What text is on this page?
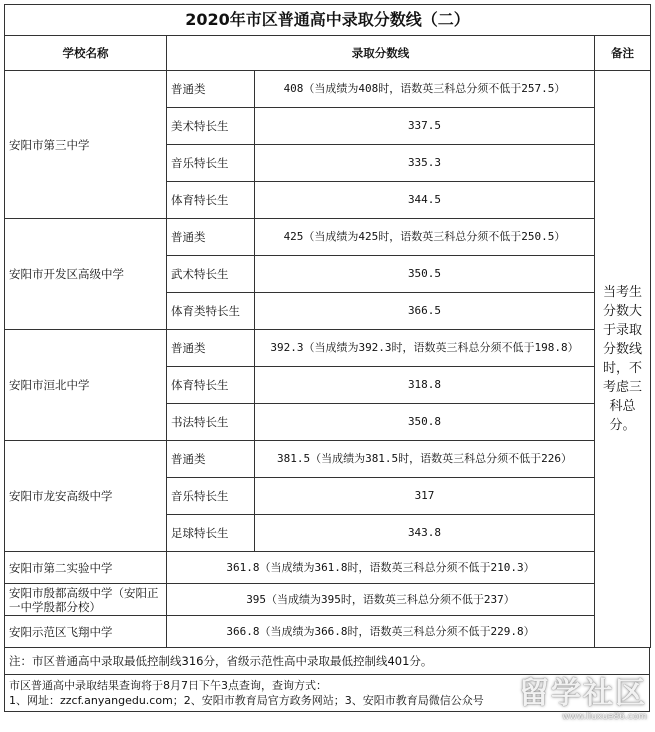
2020年市区普通高中录取分数线（二）			
学校名称	录取分数线		备注
安阳市第三中学	普通类	408（当成绩为408时，语数英三科总分须不低于257.5）	当考生分数大于录取分数线时，不考虑三科总分。
	美术特长生	337.5	
	音乐特长生	335.3	
	体育特长生	344.5	
安阳市开发区高级中学	普通类	425（当成绩为425时，语数英三科总分须不低于250.5）	
	武术特长生	350.5	
	体育类特长生	366.5	
安阳市洹北中学	普通类	392.3（当成绩为392.3时，语数英三科总分须不低于198.8）	
	体育特长生	318.8	
	书法特长生	350.8	
安阳市龙安高级中学	普通类	381.5（当成绩为381.5时，语数英三科总分须不低于226）	
	音乐特长生	317	
	足球特长生	343.8	
安阳市第二实验中学	361.8（当成绩为361.8时，语数英三科总分须不低于210.3）		
安阳市殷都高级中学（安阳正一中学殷都分校）	395（当成绩为395时，语数英三科总分须不低于237）		
安阳示范区飞翔中学	366.8（当成绩为366.8时，语数英三科总分须不低于229.8）		
注：市区普通高中录取最低控制线316分，省级示范性高中录取最低控制线401分。

市区普通高中录取结果查询将于8月7日下午3点查询，查询方式：
1、网址：zzcf.anyangedu.com；2、安阳市教育局官方政务网站；3、安阳市教育局微信公众号	留学社区
www.liuxue86.com
